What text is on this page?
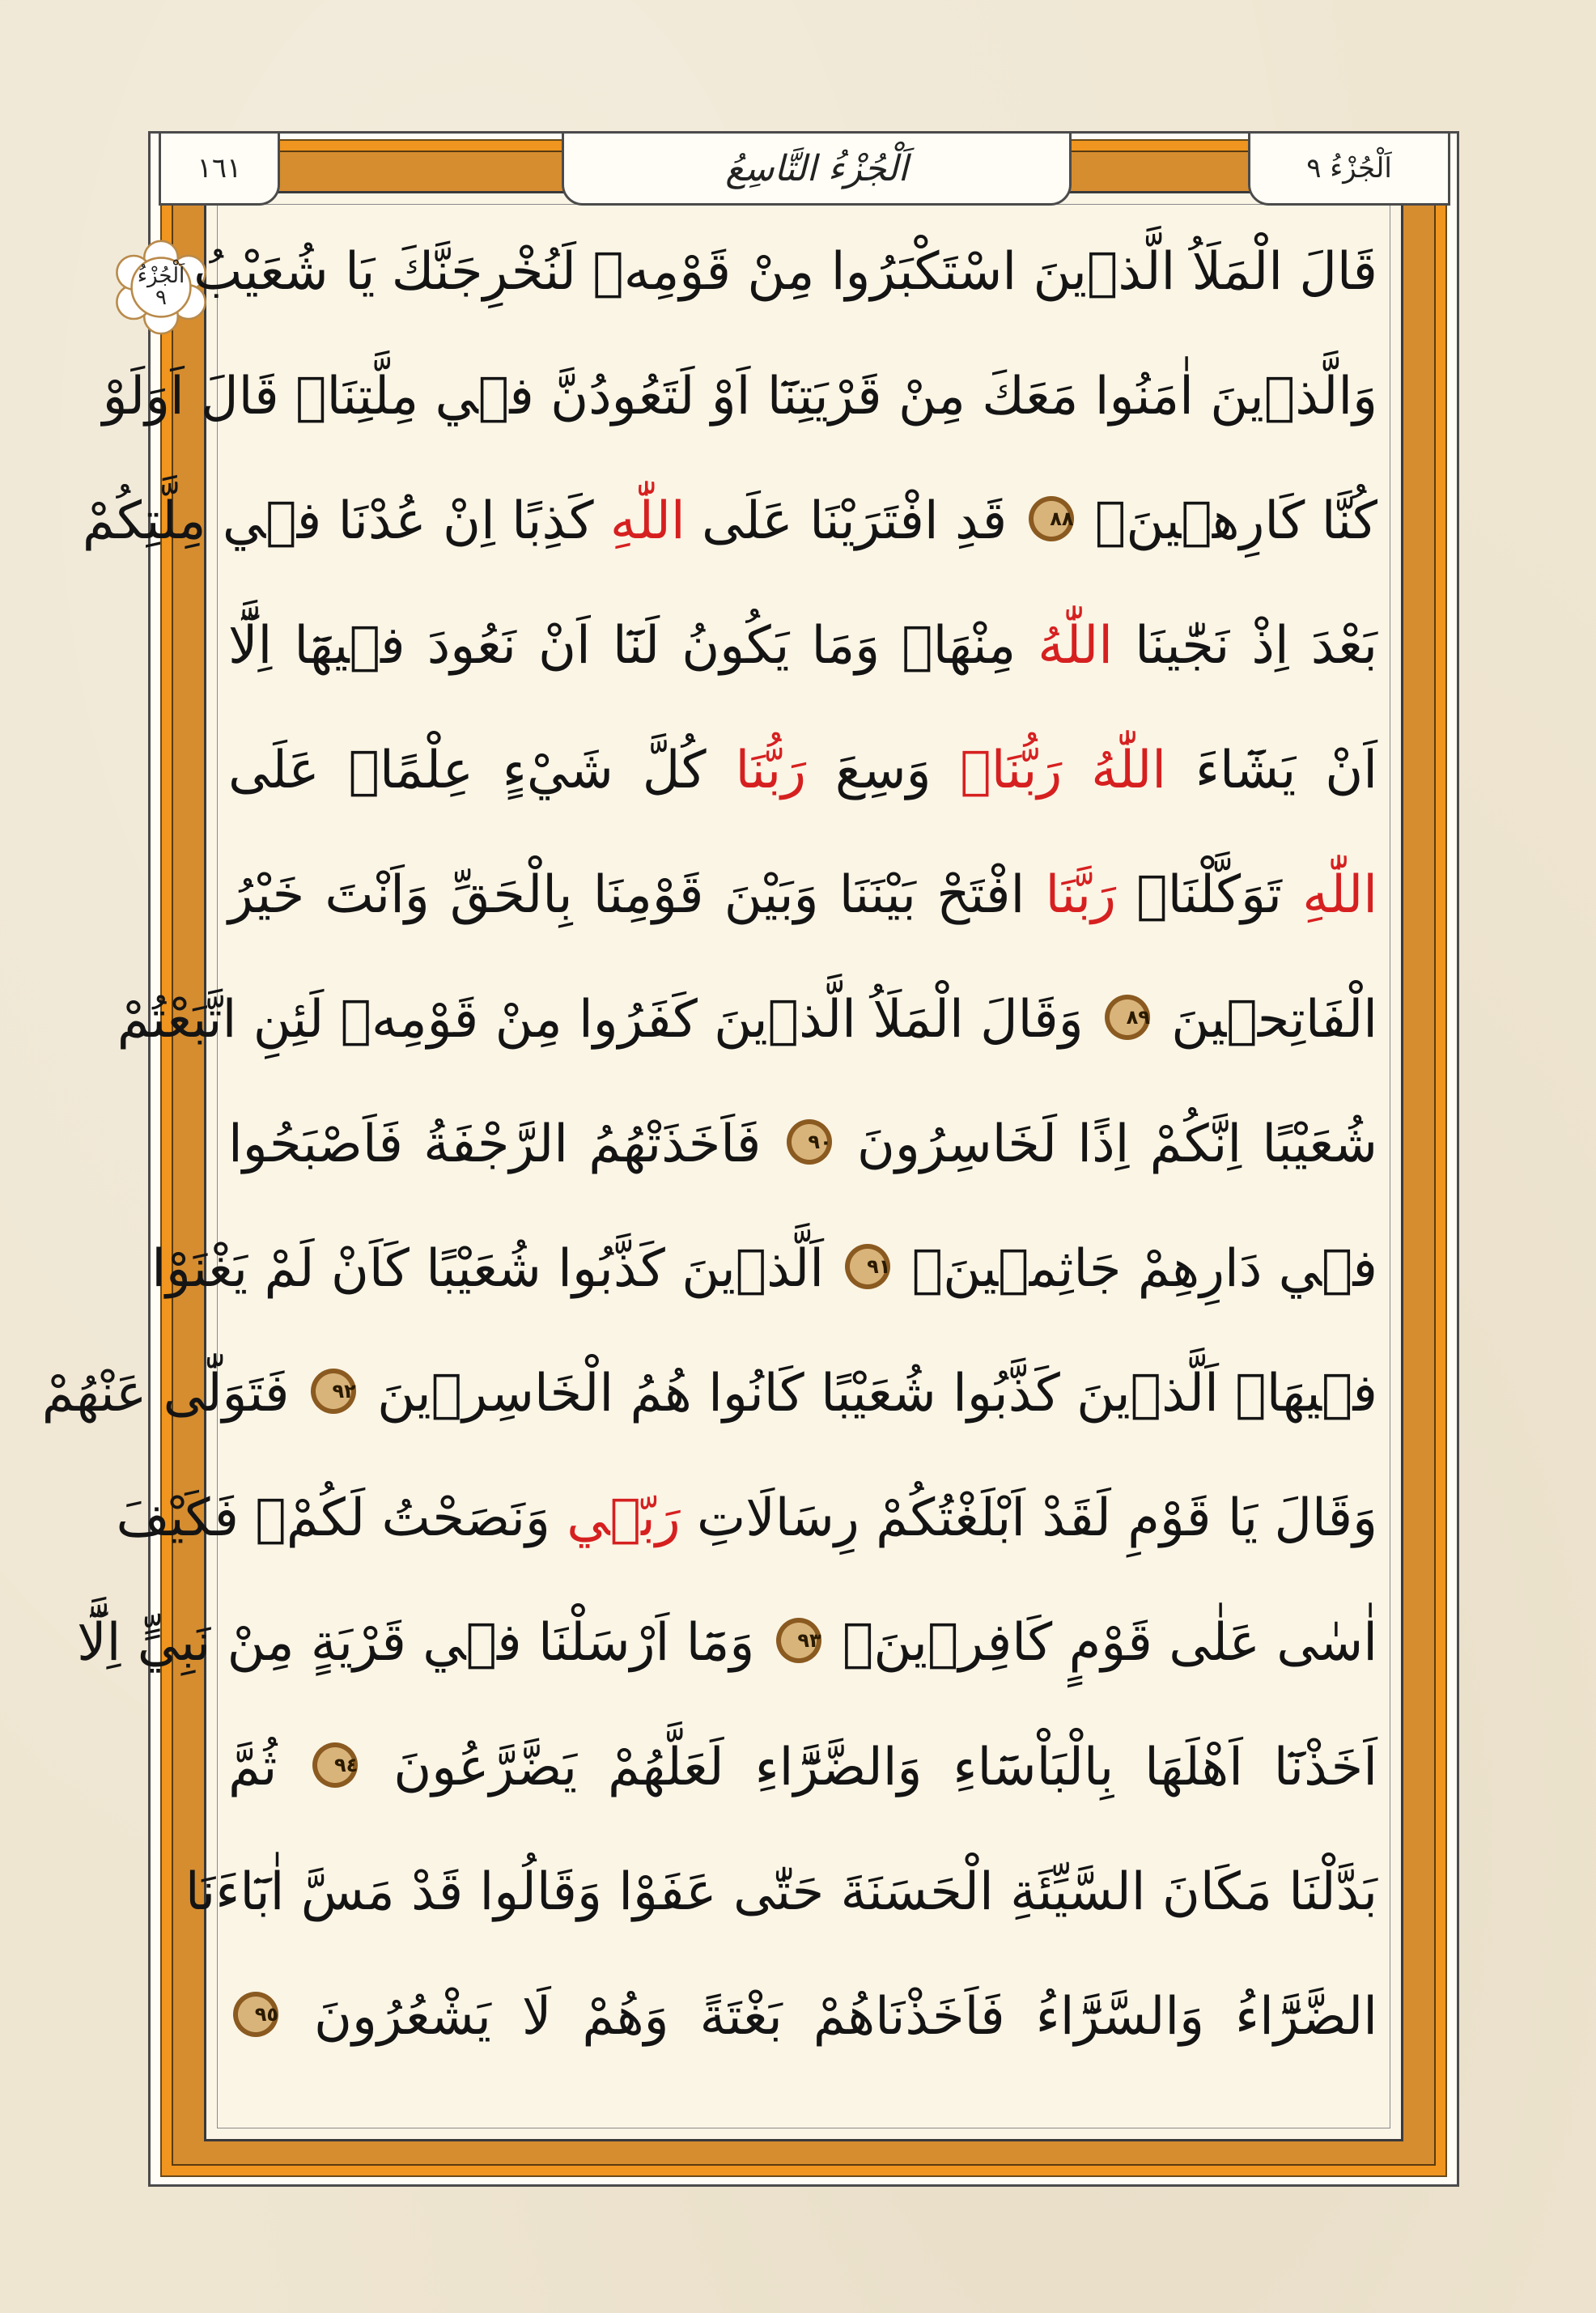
١٦١	اَلْجُزْءُ التَّاسِعُ	اَلْجُزْءُ ٩
اَلْجُزْءُ
٩ قَالَ الْمَلَاُ الَّذ۪ينَ اسْتَكْبَرُوا مِنْ قَوْمِه۪ لَنُخْرِجَنَّكَ يَا شُعَيْبُ
وَالَّذ۪ينَ اٰمَنُوا مَعَكَ مِنْ قَرْيَتِنَٓا اَوْ لَتَعُودُنَّ ف۪ي مِلَّتِنَاۜ قَالَ اَوَلَوْ
كُنَّا كَارِه۪ينَۚ ٨٨ قَدِ افْتَرَيْنَا عَلَى اللّٰهِ كَذِبًا اِنْ عُدْنَا ف۪ي مِلَّتِكُمْ
بَعْدَ اِذْ نَجّٰينَا اللّٰهُ مِنْهَاۜ وَمَا يَكُونُ لَنَٓا اَنْ نَعُودَ ف۪يهَٓا اِلَّٓا
اَنْ يَشَٓاءَ اللّٰهُ رَبُّنَاۜ وَسِعَ رَبُّنَا كُلَّ شَيْءٍ عِلْمًاۜ عَلَى
اللّٰهِ تَوَكَّلْنَاۜ رَبَّنَا افْتَحْ بَيْنَنَا وَبَيْنَ قَوْمِنَا بِالْحَقِّ وَاَنْتَ خَيْرُ
الْفَاتِح۪ينَ ٨٩ وَقَالَ الْمَلَاُ الَّذ۪ينَ كَفَرُوا مِنْ قَوْمِه۪ لَئِنِ اتَّبَعْتُمْ
شُعَيْبًا اِنَّكُمْ اِذًا لَخَاسِرُونَ ٩٠ فَاَخَذَتْهُمُ الرَّجْفَةُ فَاَصْبَحُوا
ف۪ي دَارِهِمْ جَاثِم۪ينَۚ ٩١ اَلَّذ۪ينَ كَذَّبُوا شُعَيْبًا كَاَنْ لَمْ يَغْنَوْا
ف۪يهَاۚ اَلَّذ۪ينَ كَذَّبُوا شُعَيْبًا كَانُوا هُمُ الْخَاسِر۪ينَ ٩٢ فَتَوَلّٰى عَنْهُمْ
وَقَالَ يَا قَوْمِ لَقَدْ اَبْلَغْتُكُمْ رِسَالَاتِ رَبّ۪ي وَنَصَحْتُ لَكُمْۚ فَكَيْفَ
اٰسٰى عَلٰى قَوْمٍ كَافِر۪ينَ۟ ٩٣ وَمَٓا اَرْسَلْنَا ف۪ي قَرْيَةٍ مِنْ نَبِيٍّ اِلَّٓا
اَخَذْنَٓا اَهْلَهَا بِالْبَاْسَٓاءِ وَالضَّرَّٓاءِ لَعَلَّهُمْ يَضَّرَّعُونَ ٩٤ ثُمَّ
بَدَّلْنَا مَكَانَ السَّيِّئَةِ الْحَسَنَةَ حَتّٰى عَفَوْا وَقَالُوا قَدْ مَسَّ اٰبَٓاءَنَا
الضَّرَّٓاءُ وَالسَّرَّٓاءُ فَاَخَذْنَاهُمْ بَغْتَةً وَهُمْ لَا يَشْعُرُونَ ٩٥
